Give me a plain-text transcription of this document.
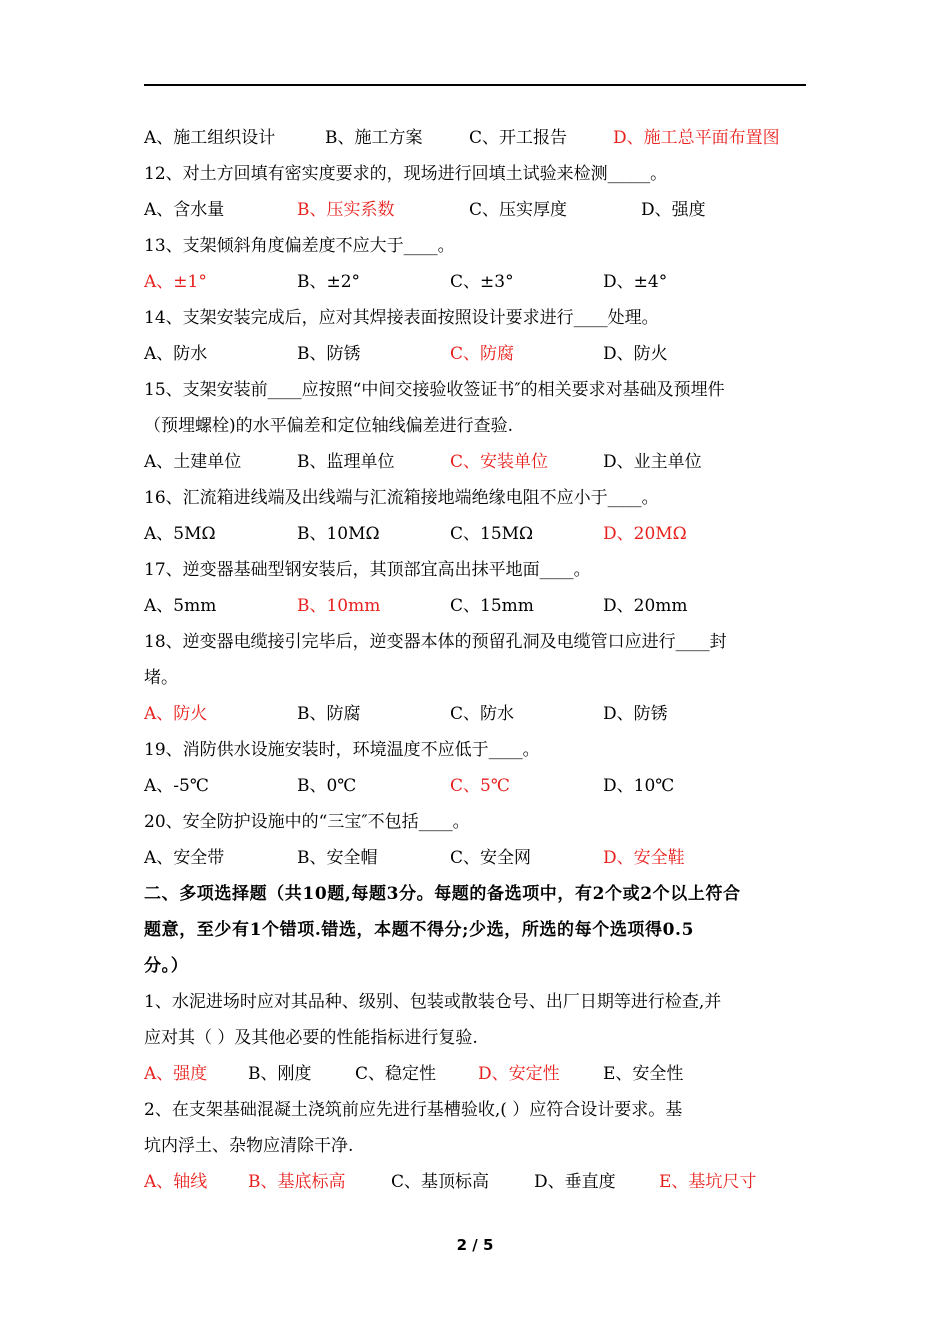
A、施工组织设计	B、施工方案	C、开工报告	D、施工总平面布置图
12、对土方回填有密实度要求的，现场进行回填土试验来检测_____。
A、含水量	B、压实系数	C、压实厚度	D、强度
13、支架倾斜角度偏差度不应大于____。
A、±1°	B、±2°	C、±3°	D、±4°
14、支架安装完成后，应对其焊接表面按照设计要求进行____处理。
A、防水	B、防锈	C、防腐	D、防火
15、支架安装前____应按照“中间交接验收签证书″的相关要求对基础及预埋件
（预埋螺栓)的水平偏差和定位轴线偏差进行查验.
A、土建单位	B、监理单位	C、安装单位	D、业主单位
16、汇流箱进线端及出线端与汇流箱接地端绝缘电阻不应小于____。
A、5MΩ	B、10MΩ	C、15MΩ	D、20MΩ
17、逆变器基础型钢安装后，其顶部宜高出抹平地面____。
A、5mm	B、10mm	C、15mm	D、20mm
18、逆变器电缆接引完毕后，逆变器本体的预留孔洞及电缆管口应进行____封
堵。
A、防火	B、防腐	C、防水	D、防锈
19、消防供水设施安装时，环境温度不应低于____。
A、-5℃	B、0℃	C、5℃	D、10℃
20、安全防护设施中的“三宝″不包括____。
A、安全带	B、安全帽	C、安全网	D、安全鞋
二、多项选择题（共10题,每题3分。每题的备选项中，有2个或2个以上符合
题意，至少有1个错项.错选，本题不得分;少选，所选的每个选项得0.5
分。）
1、水泥进场时应对其品种、级别、包装或散装仓号、出厂日期等进行检查,并
应对其（ ）及其他必要的性能指标进行复验.
A、强度 B、刚度	C、稳定性 D、安定性	E、安全性
2、在支架基础混凝土浇筑前应先进行基槽验收,( ）应符合设计要求。基
坑内浮土、杂物应清除干净.
A、轴线 B、基底标高	C、基顶标高	D、垂直度	E、基坑尺寸
2 / 5
